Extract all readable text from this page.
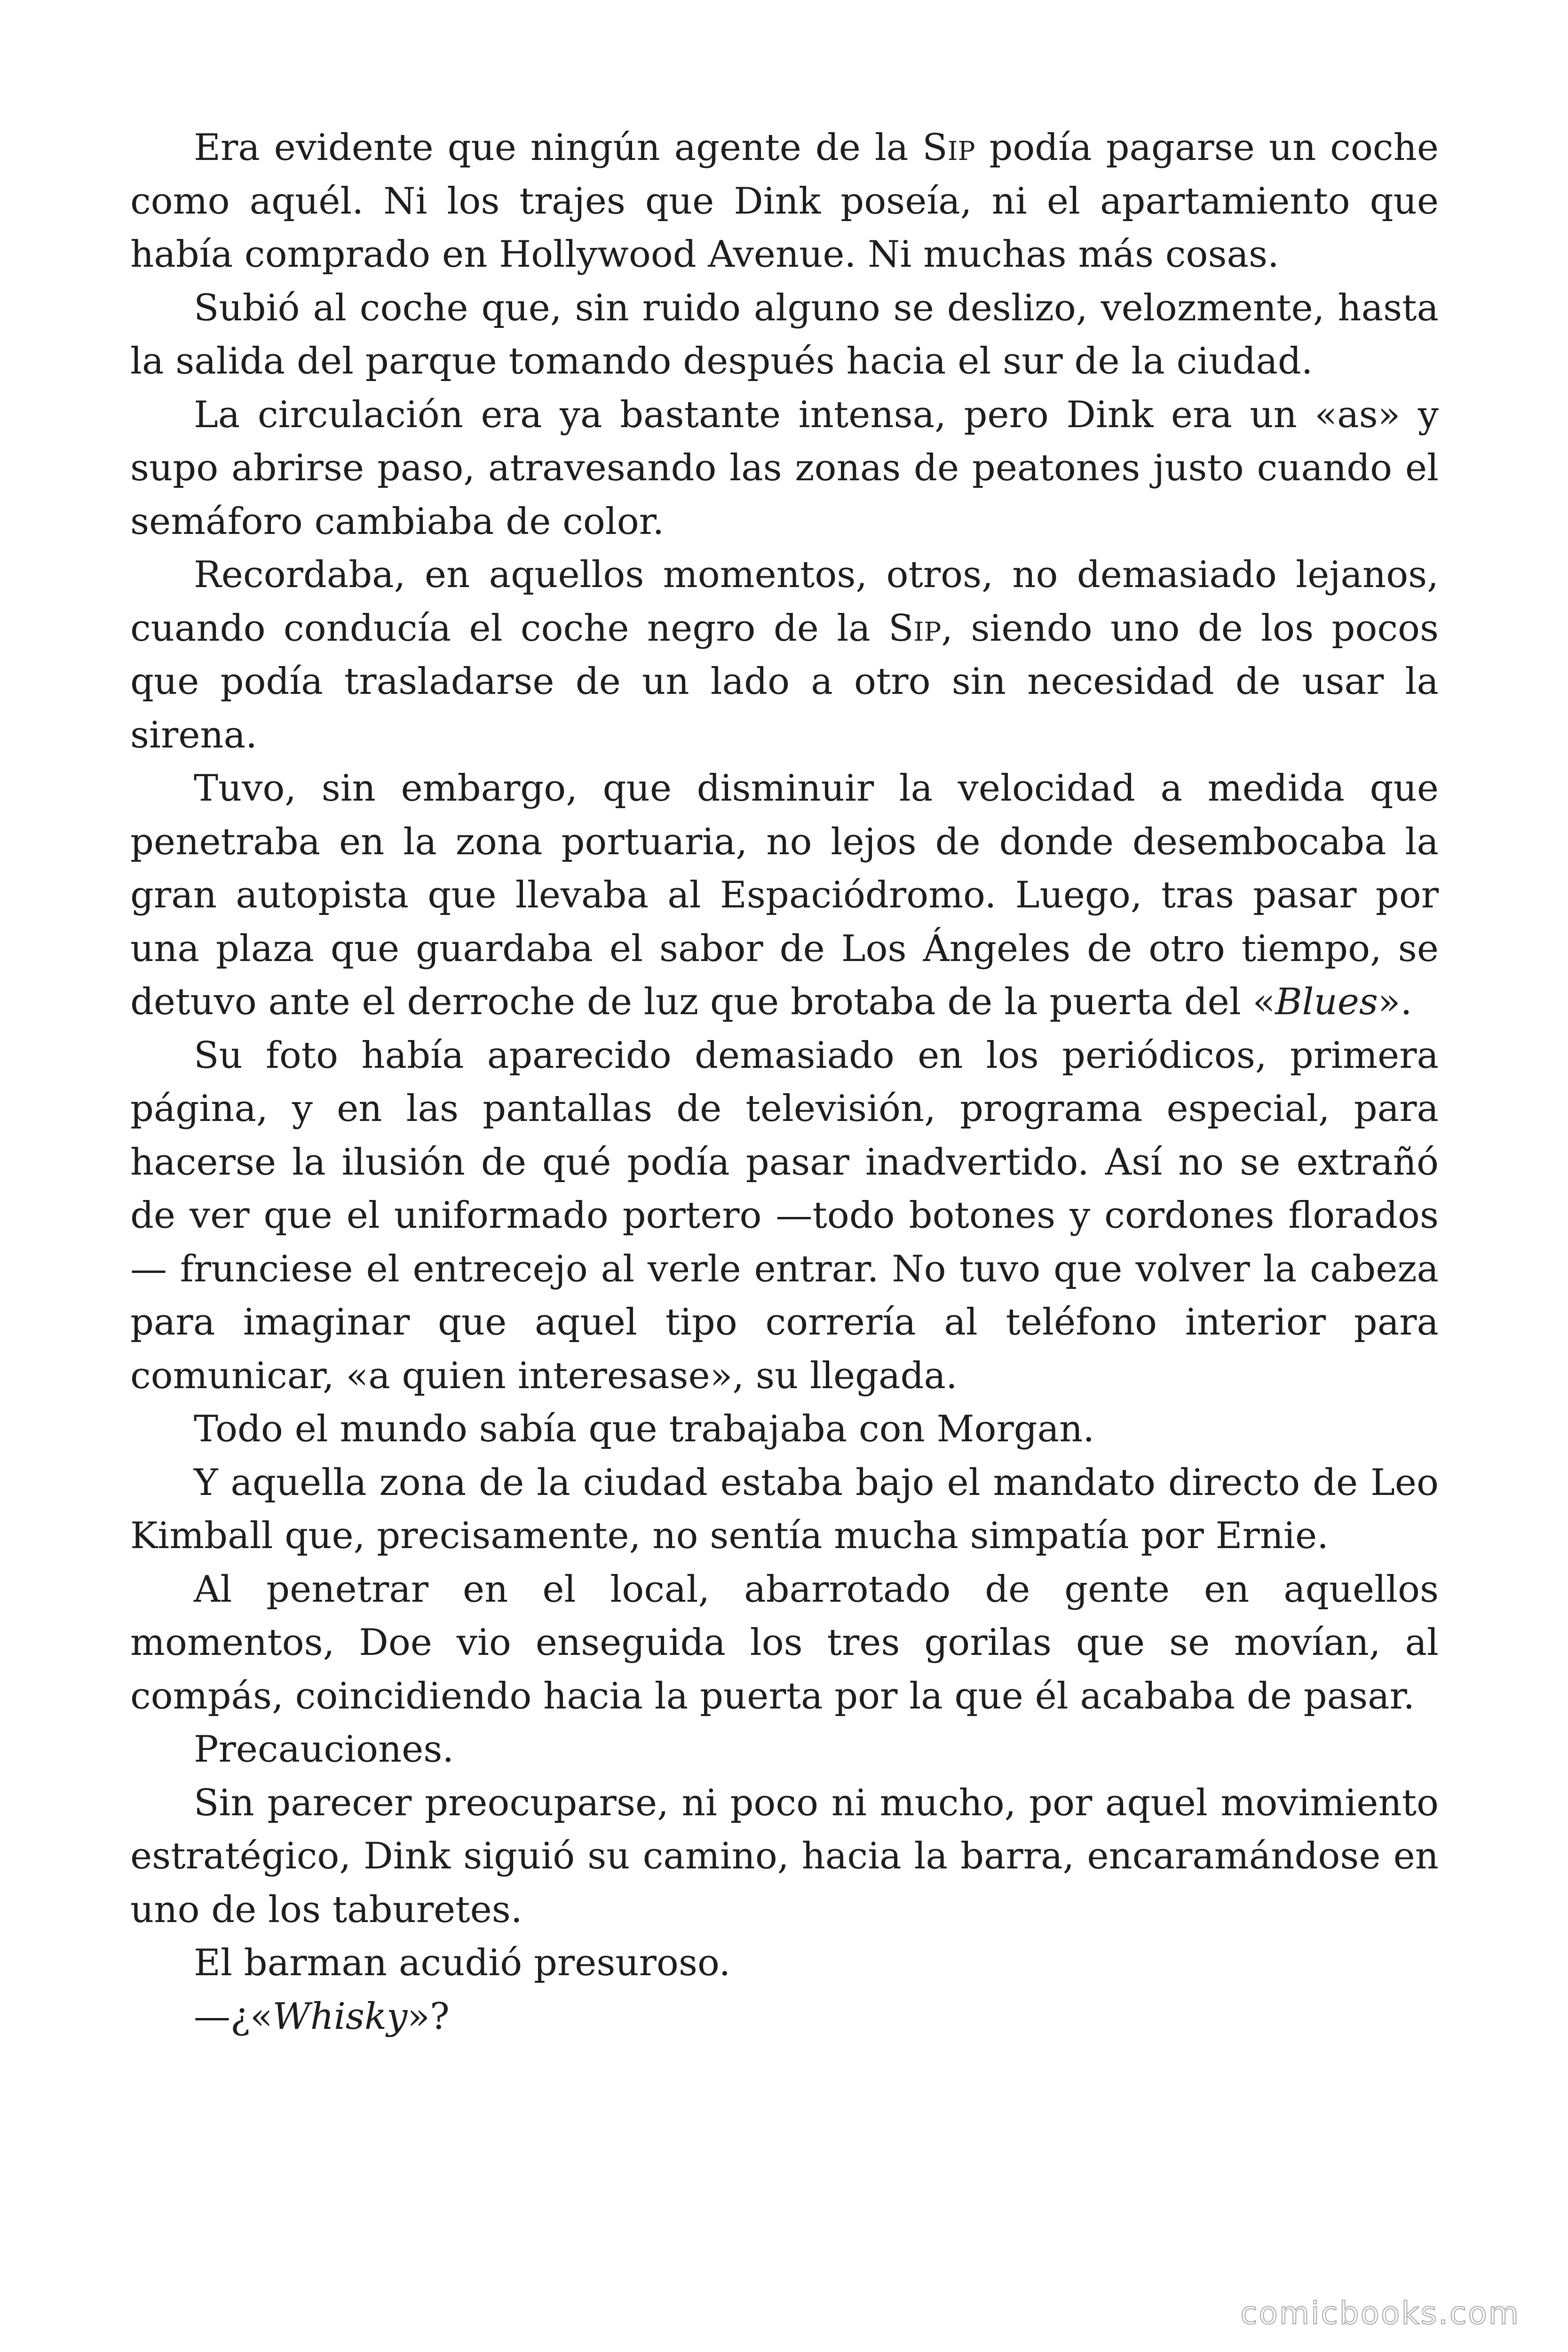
Era evidente que ningún agente de la Sip podía pagarse un coche como aquél. Ni los trajes que Dink poseía, ni el apartamiento que había comprado en Hollywood Avenue. Ni muchas más cosas.

Subió al coche que, sin ruido alguno se deslizo, velozmente, hasta la salida del parque tomando después hacia el sur de la ciudad.

La circulación era ya bastante intensa, pero Dink era un «as» y supo abrirse paso, atravesando las zonas de peatones justo cuando el semáforo cambiaba de color.

Recordaba, en aquellos momentos, otros, no demasiado lejanos, cuando conducía el coche negro de la Sip, siendo uno de los pocos que podía trasladarse de un lado a otro sin necesidad de usar la sirena.

Tuvo, sin embargo, que disminuir la velocidad a medida que penetraba en la zona portuaria, no lejos de donde desembocaba la gran autopista que llevaba al Espaciódromo. Luego, tras pasar por una plaza que guardaba el sabor de Los Ángeles de otro tiempo, se detuvo ante el derroche de luz que brotaba de la puerta del «Blues».

Su foto había aparecido demasiado en los periódicos, primera página, y en las pantallas de televisión, programa especial, para hacerse la ilusión de qué podía pasar inadvertido. Así no se extrañó de ver que el uniformado portero —todo botones y cordones florados— frunciese el entrecejo al verle entrar. No tuvo que volver la cabeza para imaginar que aquel tipo correría al teléfono interior para comunicar, «a quien interesase», su llegada.

Todo el mundo sabía que trabajaba con Morgan.

Y aquella zona de la ciudad estaba bajo el mandato directo de Leo Kimball que, precisamente, no sentía mucha simpatía por Ernie.

Al penetrar en el local, abarrotado de gente en aquellos momentos, Doe vio enseguida los tres gorilas que se movían, al compás, coincidiendo hacia la puerta por la que él acababa de pasar.

Precauciones.

Sin parecer preocuparse, ni poco ni mucho, por aquel movimiento estratégico, Dink siguió su camino, hacia la barra, encaramándose en uno de los taburetes.

El barman acudió presuroso.

—¿«Whisky»?

comicbooks.com
